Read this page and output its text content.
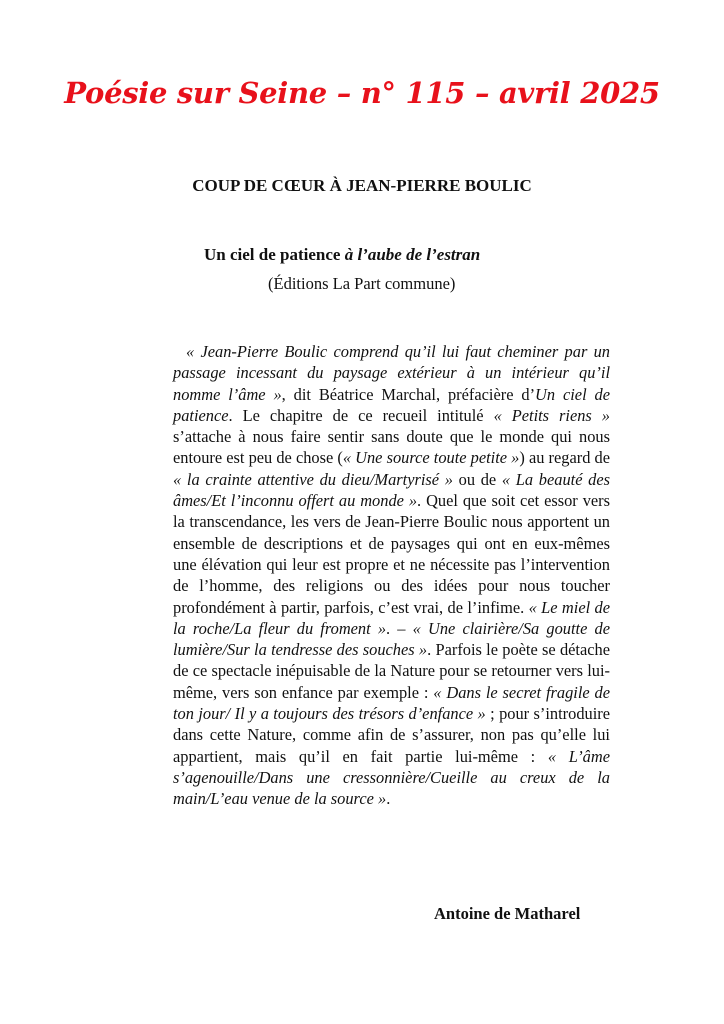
Poésie sur Seine – n° 115 – avril 2025
COUP DE CŒUR À JEAN-PIERRE BOULIC
Un ciel de patience à l’aube de l’estran
(Éditions La Part commune)
« Jean-Pierre Boulic comprend qu’il lui faut cheminer par un passage incessant du paysage extérieur à un intérieur qu’il nomme l’âme », dit Béatrice Marchal, préfacière d’Un ciel de patience. Le chapitre de ce recueil intitulé « Petits riens » s’attache à nous faire sentir sans doute que le monde qui nous entoure est peu de chose (« Une source toute petite ») au regard de « la crainte attentive du dieu/Martyrisé » ou de « La beauté des âmes/Et l’inconnu offert au monde ». Quel que soit cet essor vers la transcendance, les vers de Jean-Pierre Boulic nous apportent un ensemble de descriptions et de paysages qui ont en eux-mêmes une élévation qui leur est propre et ne nécessite pas l’intervention de l’homme, des religions ou des idées pour nous toucher profondément à partir, parfois, c’est vrai, de l’infime. « Le miel de la roche/La fleur du froment ». – « Une clairière/Sa goutte de lumière/Sur la tendresse des souches ». Parfois le poète se détache de ce spectacle inépuisable de la Nature pour se retourner vers lui-même, vers son enfance par exemple : « Dans le secret fragile de ton jour/ Il y a toujours des trésors d’enfance » ; pour s’introduire dans cette Nature, comme afin de s’assurer, non pas qu’elle lui appartient, mais qu’il en fait partie lui-même : « L’âme s’agenouille/Dans une cressonnière/Cueille au creux de la main/L’eau venue de la source ».
Antoine de Matharel
